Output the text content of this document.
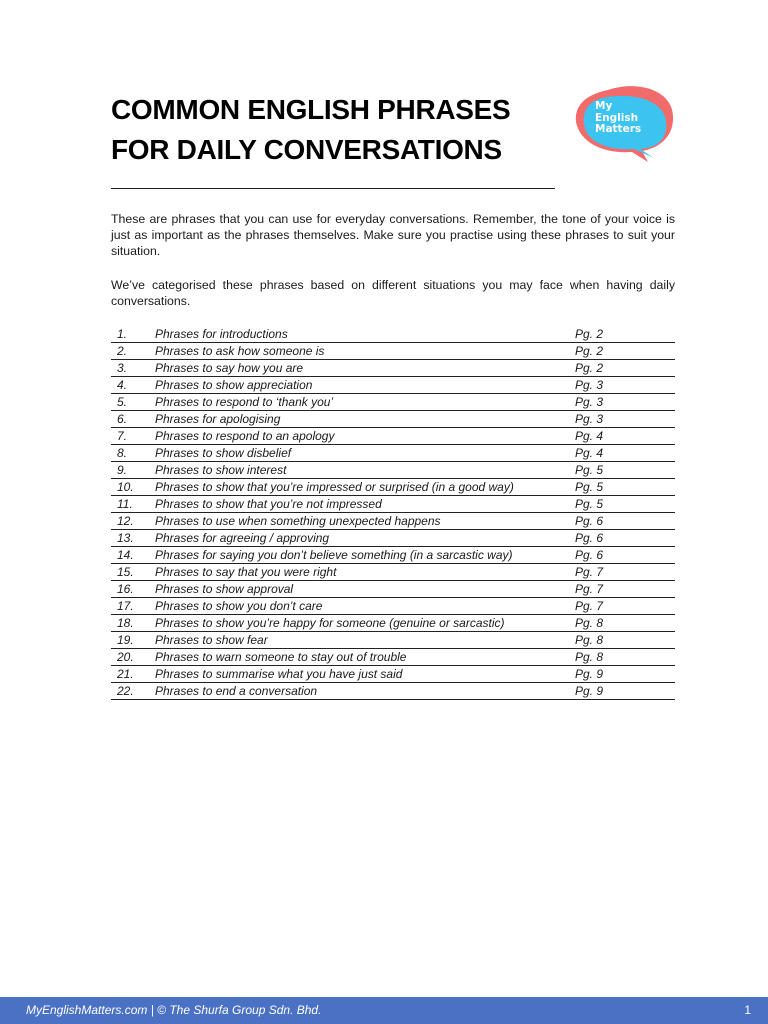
COMMON ENGLISH PHRASES
FOR DAILY CONVERSATIONS
My
English
Matters

These are phrases that you can use for everyday conversations. Remember, the tone of your voice is just as important as the phrases themselves. Make sure you practise using these phrases to suit your situation.

We’ve categorised these phrases based on different situations you may face when having daily conversations.

1.	Phrases for introductions	Pg. 2
2.	Phrases to ask how someone is	Pg. 2
3.	Phrases to say how you are	Pg. 2
4.	Phrases to show appreciation	Pg. 3
5.	Phrases to respond to ‘thank you’	Pg. 3
6.	Phrases for apologising	Pg. 3
7.	Phrases to respond to an apology	Pg. 4
8.	Phrases to show disbelief	Pg. 4
9.	Phrases to show interest	Pg. 5
10.	Phrases to show that you’re impressed or surprised (in a good way)	Pg. 5
11.	Phrases to show that you’re not impressed	Pg. 5
12.	Phrases to use when something unexpected happens	Pg. 6
13.	Phrases for agreeing / approving	Pg. 6
14.	Phrases for saying you don’t believe something (in a sarcastic way)	Pg. 6
15.	Phrases to say that you were right	Pg. 7
16.	Phrases to show approval	Pg. 7
17.	Phrases to show you don’t care	Pg. 7
18.	Phrases to show you’re happy for someone (genuine or sarcastic)	Pg. 8
19.	Phrases to show fear	Pg. 8
20.	Phrases to warn someone to stay out of trouble	Pg. 8
21.	Phrases to summarise what you have just said	Pg. 9
22.	Phrases to end a conversation	Pg. 9
MyEnglishMatters.com | © The Shurfa Group Sdn. Bhd.	1
